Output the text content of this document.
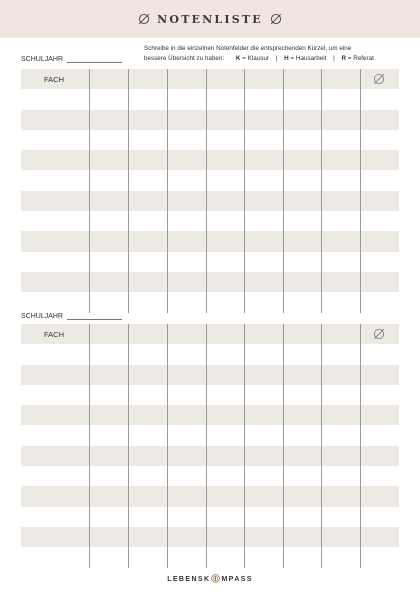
NOTENLISTE
Schreibe in die einzelnen Notenfelder die entsprechenden Kürzel, um eine
bessere Übersicht zu haben: K = Klausur | H = Hausarbeit | R = Referat
SCHULJAHR
FACH
SCHULJAHR
FACH
LEBENSK MPASS
